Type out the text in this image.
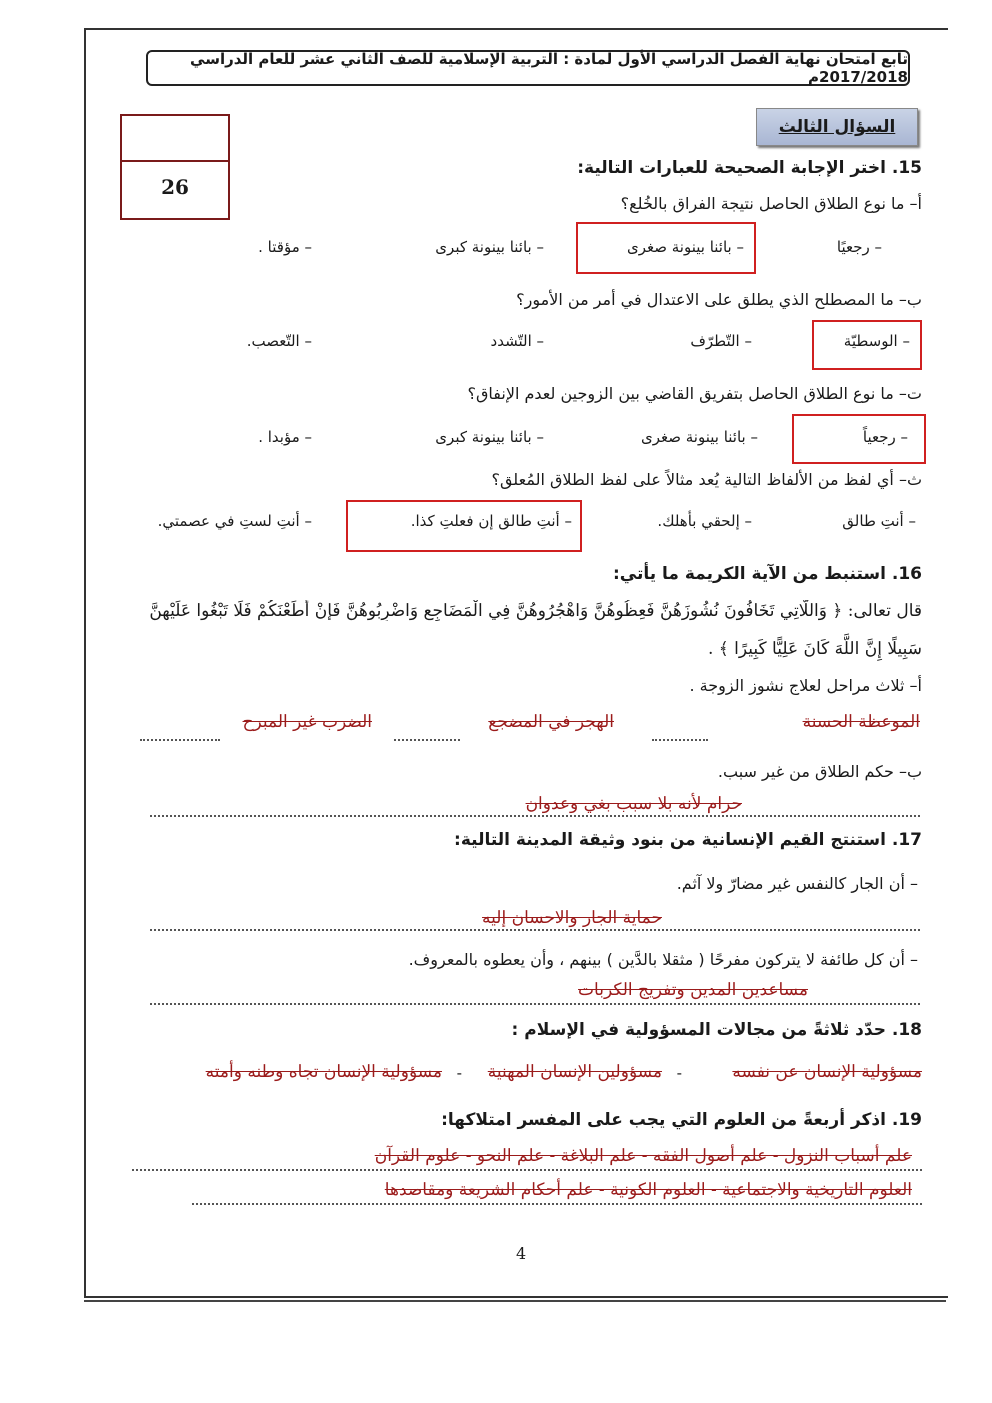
تابع امتحان نهاية الفصل الدراسي الأول لمادة : التربية الإسلامية للصف الثاني عشر للعام الدراسي 2017/2018م
26
السؤال الثالث
15. اختر الإجابة الصحيحة للعبارات التالية:
أ– ما نوع الطلاق الحاصل نتيجة الفراق بالخُلع؟
– رجعيًا
– بائنا بينونة صغرى
– بائنا بينونة كبرى
– مؤقتا .
ب– ما المصطلح الذي يطلق على الاعتدال في أمر من الأمور؟
– الوسطيّة
– التّطرّف
– التّشدد
– التّعصب.
ت– ما نوع الطلاق الحاصل بتفريق القاضي بين الزوجين لعدم الإنفاق؟
– رجعياً
– بائنا بينونة صغرى
– بائنا بينونة كبرى
– مؤبدا .
ث– أي لفظ من الألفاظ التالية يُعد مثالاً على لفظ الطلاق المُعلق؟
– أنتِ طالق
– إلحقي بأهلك.
– أنتِ طالق إن فعلتِ كذا.
– أنتِ لستِ في عصمتي.
16. استنبط من الآية الكريمة ما يأتي:
قال تعالى: ﴿ وَاللَّاتِي تَخَافُونَ نُشُوزَهُنَّ فَعِظُوهُنَّ وَاهْجُرُوهُنَّ فِي الْمَضَاجِعِ وَاضْرِبُوهُنَّ فَإِنْ أَطَعْنَكُمْ فَلَا تَبْغُوا عَلَيْهِنَّ
سَبِيلًا إِنَّ اللَّهَ كَانَ عَلِيًّا كَبِيرًا ﴾ .
أ– ثلاث مراحل لعلاج نشوز الزوجة .
الموعظة الحسنة
الهجر في المضجع
الضرب غير المبرح
ب– حكم الطلاق من غير سبب.
حرام لأنه بلا سبب بغي وعدوان
17. استنتج القيم الإنسانية من بنود وثيقة المدينة التالية:
– أن الجار كالنفس غير مضارّ ولا آثم.
حماية الجار والاحسان إليه
– أن كل طائفة لا يتركون مفرحًا ( مثقلا بالدَّين ) بينهم ، وأن يعطوه بالمعروف.
مساعدين المدين وتفريج الكربات
18. حدّد ثلاثةً من مجالات المسؤولية في الإسلام :
مسؤولية الإنسان عن نفسه
-
مسؤولين الإنسان المهنية
-
مسؤولية الإنسان تجاه وطنه وأمته
19. اذكر أربعةً من العلوم التي يجب على المفسر امتلاكها:
علم أسباب النزول - علم أصول الفقه - علم البلاغة - علم النحو - علوم القرآن
العلوم التاريخية والاجتماعية - العلوم الكونية - علم أحكام الشريعة ومقاصدها
4
